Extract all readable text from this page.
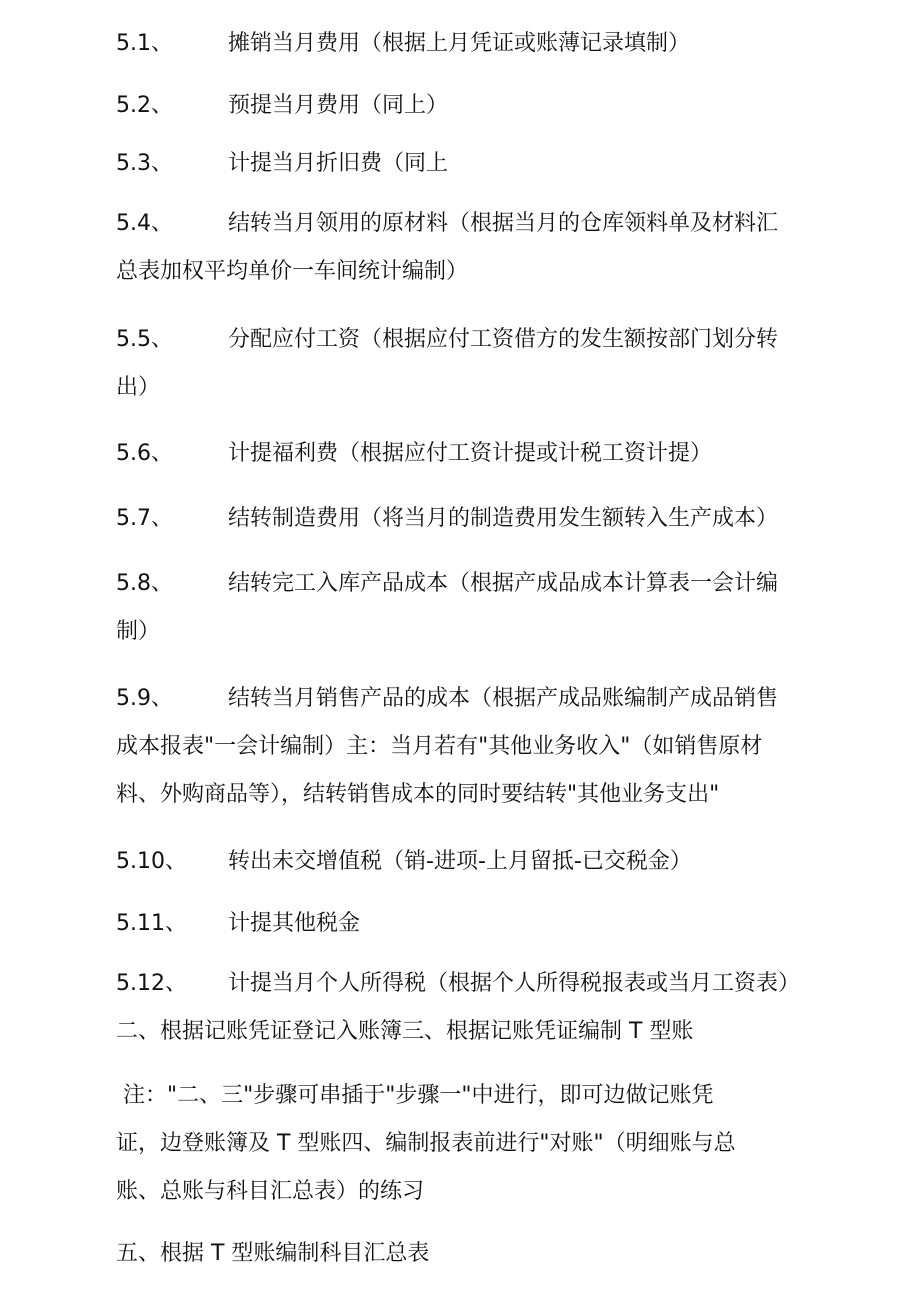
5.1、	摊销当月费用（根据上月凭证或账薄记录填制）
5.2、	预提当月费用（同上）
5.3、	计提当月折旧费（同上
5.4、	结转当月领用的原材料（根据当月的仓库领料单及材料汇
总表加权平均单价一车间统计编制）
5.5、	分配应付工资（根据应付工资借方的发生额按部门划分转
出）
5.6、	计提福利费（根据应付工资计提或计税工资计提）
5.7、	结转制造费用（将当月的制造费用发生额转入生产成本）
5.8、	结转完工入库产品成本（根据产成品成本计算表一会计编
制）
5.9、	结转当月销售产品的成本（根据产成品账编制产成品销售
成本报表"一会计编制）主：当月若有"其他业务收入"（如销售原材
料、外购商品等），结转销售成本的同时要结转"其他业务支出"
5.10、 转出未交增值税（销-进项-上月留抵-已交税金）
5.11、 计提其他税金
5.12、 计提当月个人所得税（根据个人所得税报表或当月工资表）
二、根据记账凭证登记入账簿三、根据记账凭证编制 T 型账
注："二、三"步骤可串插于"步骤一"中进行，即可边做记账凭
证，边登账簿及 T 型账四、编制报表前进行"对账"（明细账与总
账、总账与科目汇总表）的练习
五、根据 T 型账编制科目汇总表
